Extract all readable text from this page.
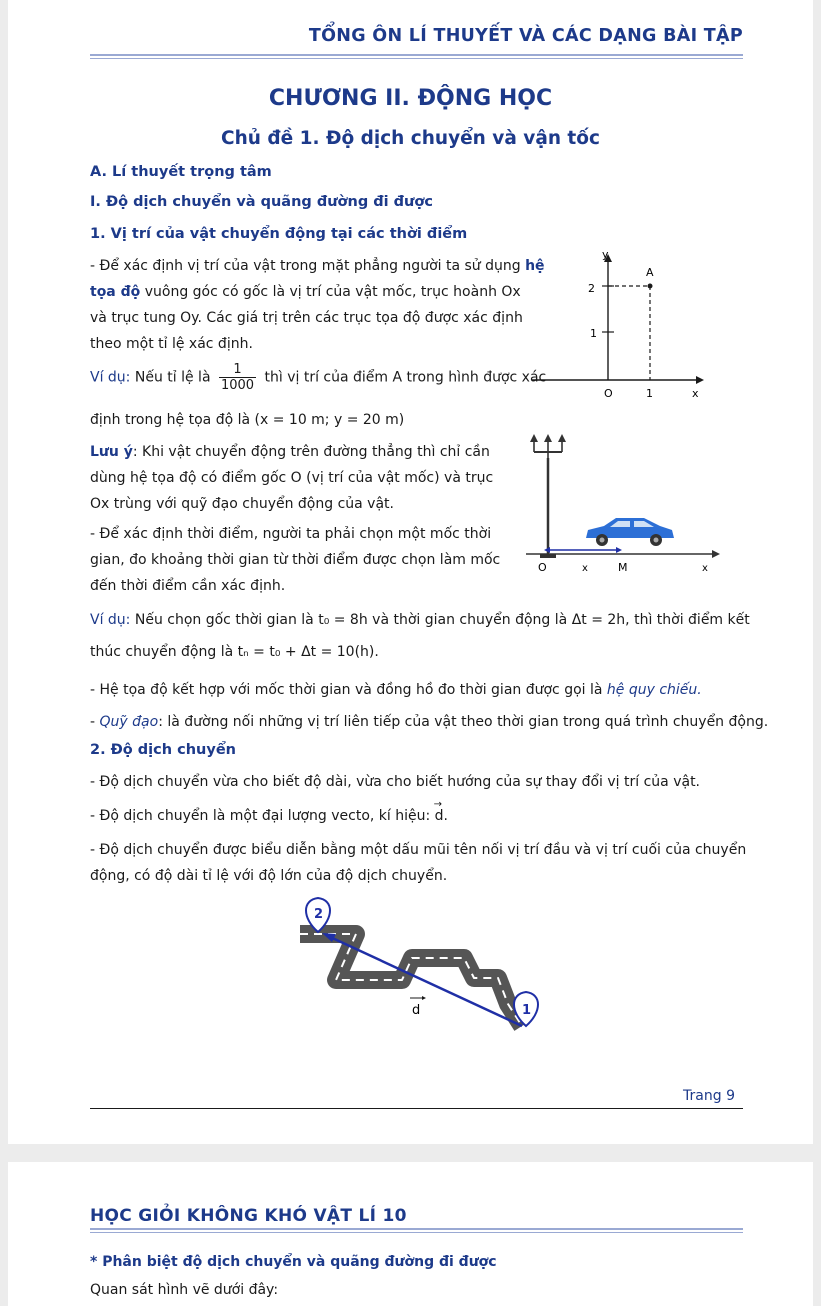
TỔNG ÔN LÍ THUYẾT VÀ CÁC DẠNG BÀI TẬP
CHƯƠNG II. ĐỘNG HỌC
Chủ đề 1. Độ dịch chuyển và vận tốc
A. Lí thuyết trọng tâm
I. Độ dịch chuyển và quãng đường đi được
1. Vị trí của vật chuyển động tại các thời điểm
- Để xác định vị trí của vật trong mặt phẳng người ta sử dụng hệ
tọa độ vuông góc có gốc là vị trí của vật mốc, trục hoành Ox
và trục tung Oy. Các giá trị trên các trục tọa độ được xác định
theo một tỉ lệ xác định.
Ví dụ: Nếu tỉ lệ là $\frac{1}{1000}$ thì vị trí của điểm A trong hình được xác
định trong hệ tọa độ là (x = 10 m; y = 20 m)
y
A
2
1
O	1	x
Lưu ý: Khi vật chuyển động trên đường thẳng thì chỉ cần
dùng hệ tọa độ có điểm gốc O (vị trí của vật mốc) và trục
Ox trùng với quỹ đạo chuyển động của vật.
- Để xác định thời điểm, người ta phải chọn một mốc thời
gian, đo khoảng thời gian từ thời điểm được chọn làm mốc
đến thời điểm cần xác định.
O	x	M	x
Ví dụ: Nếu chọn gốc thời gian là t₀ = 8h và thời gian chuyển động là Δt = 2h, thì thời điểm kết
thúc chuyển động là tₙ = t₀ + Δt = 10(h).
- Hệ tọa độ kết hợp với mốc thời gian và đồng hồ đo thời gian được gọi là hệ quy chiếu.
- Quỹ đạo: là đường nối những vị trí liên tiếp của vật theo thời gian trong quá trình chuyển động.
2. Độ dịch chuyển
- Độ dịch chuyển vừa cho biết độ dài, vừa cho biết hướng của sự thay đổi vị trí của vật.
- Độ dịch chuyển là một đại lượng vecto, kí hiệu: → d.
- Độ dịch chuyển được biểu diễn bằng một dấu mũi tên nối vị trí đầu và vị trí cuối của chuyển
động, có độ dài tỉ lệ với độ lớn của độ dịch chuyển.
2
1
d
Trang 9
HỌC GIỎI KHÔNG KHÓ VẬT LÍ 10
* Phân biệt độ dịch chuyển và quãng đường đi được
Quan sát hình vẽ dưới đây:
